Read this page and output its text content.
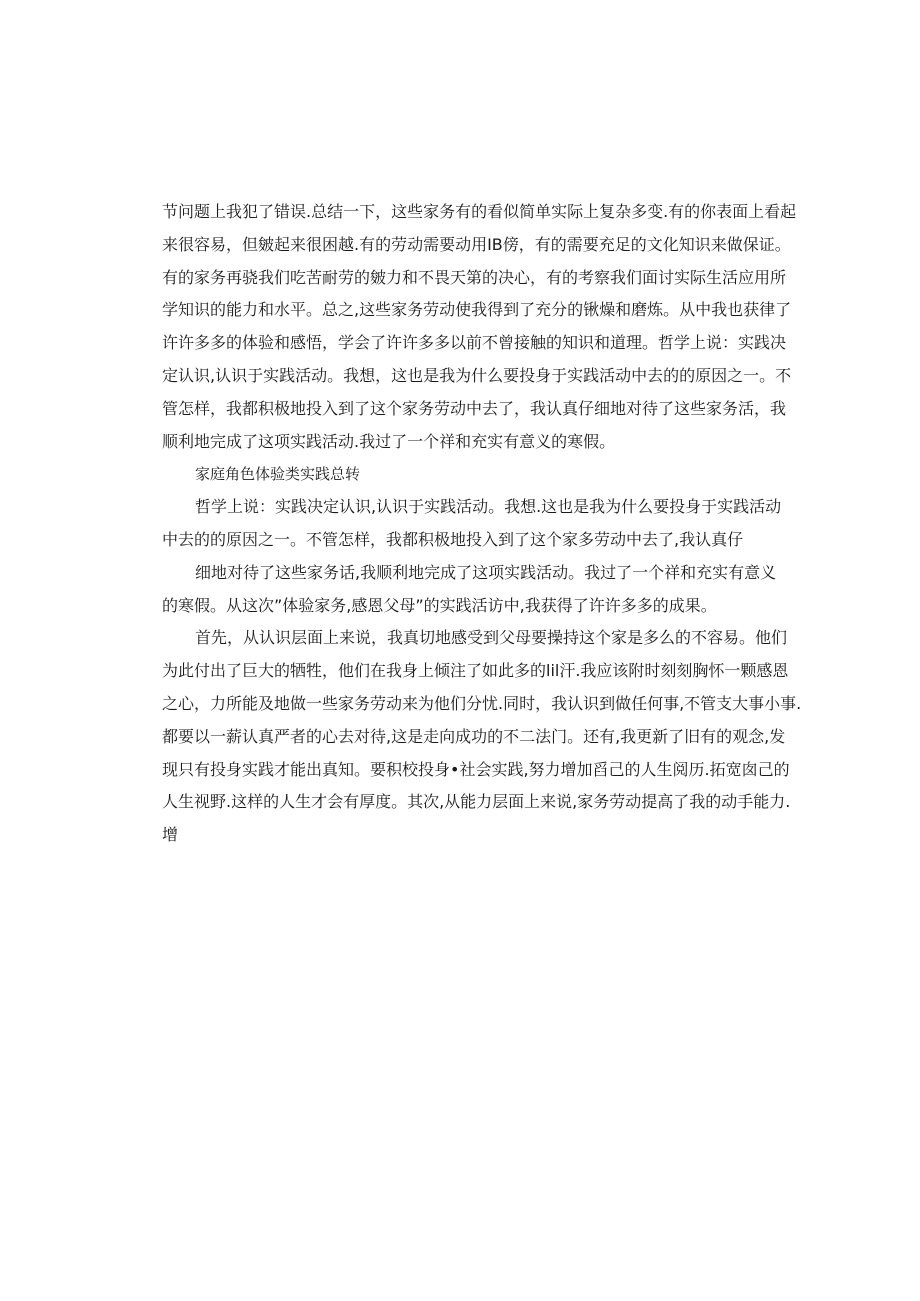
节问题上我犯了错误.总结一下，这些家务有的看似简单实际上复杂多变.有的你表面上看起
来很容易，但皴起来很困越.有的劳动需要动用IB傍，有的需要充足的文化知识来做保证。
有的家务再骁我们吃苦耐劳的皴力和不畏天第的决心，有的考察我们面讨实际生活应用所
学知识的能力和水平。总之,这些家务劳动使我得到了充分的锹燥和磨炼。从中我也获律了
许许多多的体验和感悟，学会了许许多多以前不曾接触的知识和道理。哲学上说：实践决
定认识,认识于实践活动。我想，这也是我为什么要投身于实践活动中去的的原因之一。不
管怎样，我都积极地投入到了这个家务劳动中去了，我认真仔细地对待了这些家务活，我
顺利地完成了这项实践活动.我过了一个祥和充实有意义的寒假。
家庭角色体验类实践总转
哲学上说：实践决定认识,认识于实践活动。我想.这也是我为什么要投身于实践活动
中去的的原因之一。不管怎样，我都积极地投入到了这个家多劳动中去了,我认真仔
细地对待了这些家务话,我顺利地完成了这项实践活动。我过了一个祥和充实有意义
的寒假。从这次”体验家务,感恩父母”的实践活访中,我获得了许许多多的成果。
首先，从认识层面上来说，我真切地感受到父母要操持这个家是多么的不容易。他们
为此付出了巨大的牺牲，他们在我身上倾注了如此多的lil汗.我应该附时刻刻胸怀一颗感恩
之心，力所能及地做一些家务劳动来为他们分忧.同时，我认识到做任何事,不管支大事小事.
都要以一薪认真严者的心去对待,这是走向成功的不二法门。还有,我更新了旧有的观念,发
现只有投身实践才能出真知。要积校投身•社会实践,努力增加舀己的人生阅历.拓宽囱己的
人生视野.这样的人生才会有厚度。其次,从能力层面上来说,家务劳动提高了我的动手能力.
增
